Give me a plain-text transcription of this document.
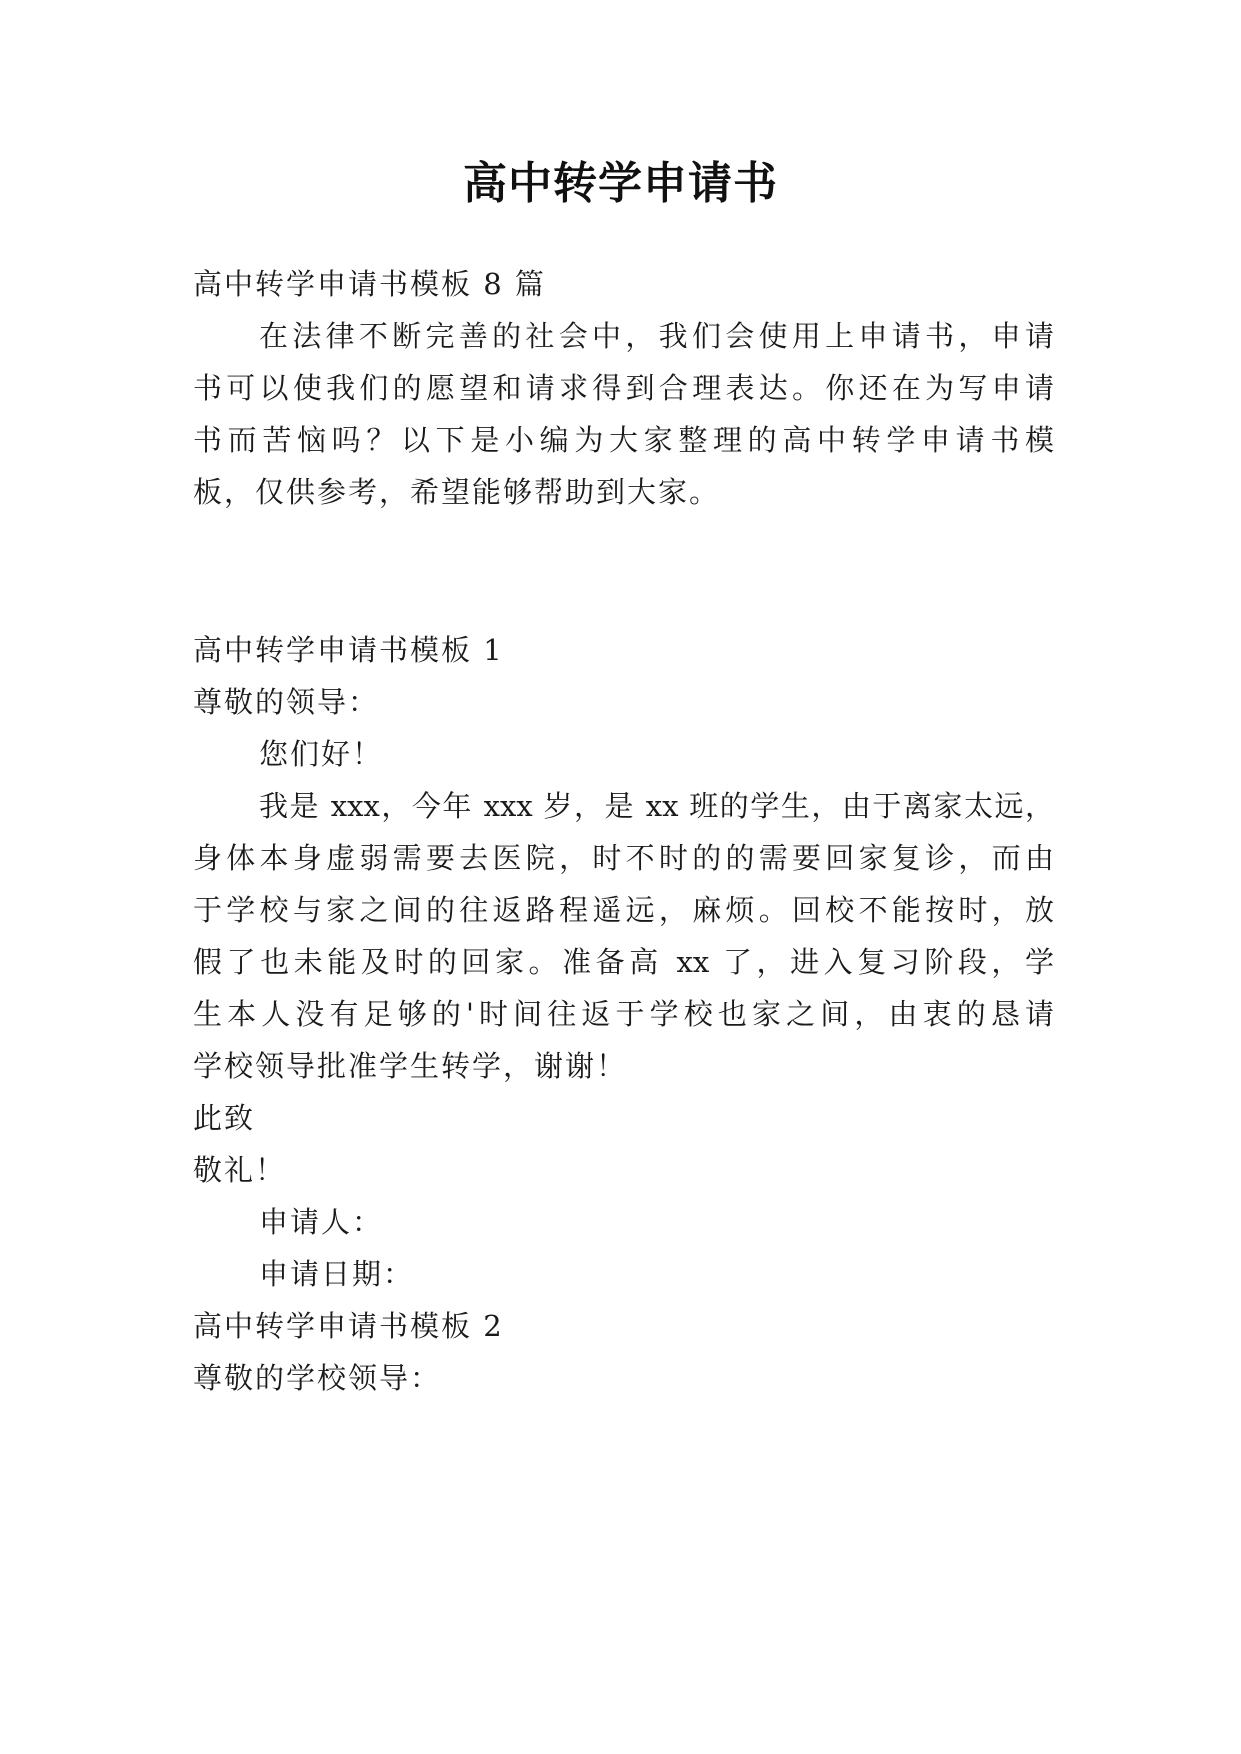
高中转学申请书
高中转学申请书模板 8 篇
在法律不断完善的社会中，我们会使用上申请书，申请
书可以使我们的愿望和请求得到合理表达。你还在为写申请
书而苦恼吗？以下是小编为大家整理的高中转学申请书模
板，仅供参考，希望能够帮助到大家。
高中转学申请书模板 1
尊敬的领导：
您们好！
我是 xxx，今年 xxx 岁，是 xx 班的学生，由于离家太远，
身体本身虚弱需要去医院，时不时的的需要回家复诊，而由
于学校与家之间的往返路程遥远，麻烦。回校不能按时，放
假了也未能及时的回家。准备高 xx 了，进入复习阶段，学
生本人没有足够的'时间往返于学校也家之间，由衷的恳请
学校领导批准学生转学，谢谢！
此致
敬礼！
申请人：
申请日期：
高中转学申请书模板 2
尊敬的学校领导：
